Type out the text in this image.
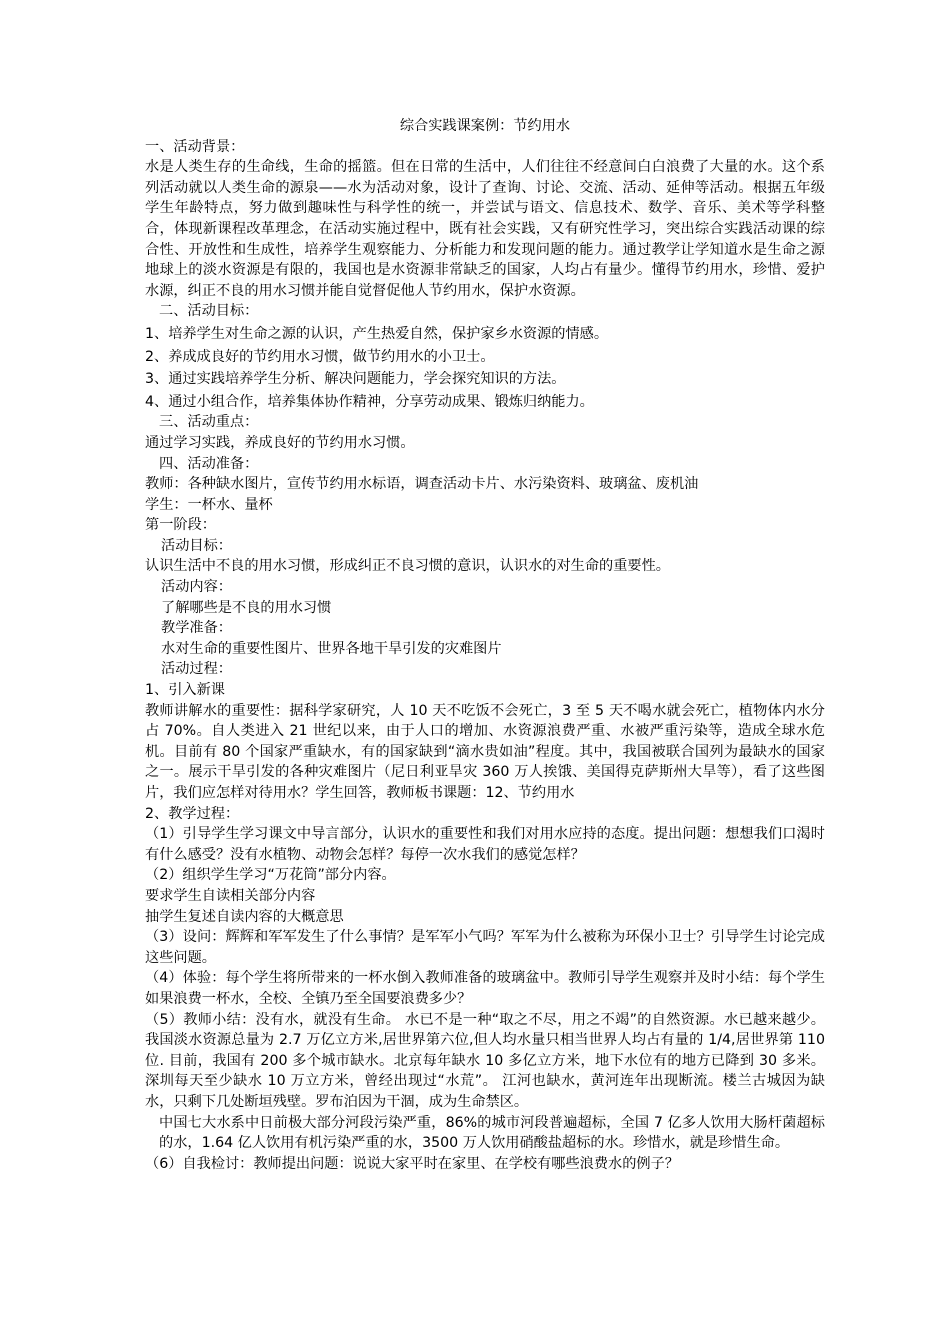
综合实践课案例：节约用水

一、活动背景：

水是人类生存的生命线，生命的摇篮。但在日常的生活中，人们往往不经意间白白浪费了大量的水。这个系列活动就以人类生命的源泉——水为活动对象，设计了查询、讨论、交流、活动、延伸等活动。根据五年级学生年龄特点，努力做到趣味性与科学性的统一，并尝试与语文、信息技术、数学、音乐、美术等学科整合，体现新课程改革理念，在活动实施过程中，既有社会实践，又有研究性学习，突出综合实践活动课的综合性、开放性和生成性，培养学生观察能力、分析能力和发现问题的能力。通过教学让学知道水是生命之源地球上的淡水资源是有限的，我国也是水资源非常缺乏的国家，人均占有量少。懂得节约用水，珍惜、爱护水源，纠正不良的用水习惯并能自觉督促他人节约用水，保护水资源。

二、活动目标：

1、培养学生对生命之源的认识，产生热爱自然，保护家乡水资源的情感。

2、养成成良好的节约用水习惯，做节约用水的小卫士。

3、通过实践培养学生分析、解决问题能力，学会探究知识的方法。

4、通过小组合作，培养集体协作精神，分享劳动成果、锻炼归纳能力。

三、活动重点：

通过学习实践，养成良好的节约用水习惯。

四、活动准备：

教师：各种缺水图片，宣传节约用水标语，调查活动卡片、水污染资料、玻璃盆、废机油

学生：一杯水、量杯

第一阶段：

活动目标：

认识生活中不良的用水习惯，形成纠正不良习惯的意识，认识水的对生命的重要性。

活动内容：

了解哪些是不良的用水习惯

教学准备：

水对生命的重要性图片、世界各地干旱引发的灾难图片

活动过程：

1、引入新课

教师讲解水的重要性：据科学家研究，人 10 天不吃饭不会死亡，3 至 5 天不喝水就会死亡，植物体内水分占 70%。自人类进入 21 世纪以来，由于人口的增加、水资源浪费严重、水被严重污染等，造成全球水危机。目前有 80 个国家严重缺水，有的国家缺到“滴水贵如油”程度。其中，我国被联合国列为最缺水的国家之一。展示干旱引发的各种灾难图片（尼日利亚旱灾 360 万人挨饿、美国得克萨斯州大旱等），看了这些图片，我们应怎样对待用水？学生回答，教师板书课题：12、节约用水

2、教学过程：

（1）引导学生学习课文中导言部分，认识水的重要性和我们对用水应持的态度。提出问题：想想我们口渴时有什么感受？没有水植物、动物会怎样？每停一次水我们的感觉怎样？

（2）组织学生学习“万花筒”部分内容。

要求学生自读相关部分内容

抽学生复述自读内容的大概意思

（3）设问：辉辉和军军发生了什么事情？是军军小气吗？军军为什么被称为环保小卫士？引导学生讨论完成这些问题。

（4）体验：每个学生将所带来的一杯水倒入教师准备的玻璃盆中。教师引导学生观察并及时小结：每个学生如果浪费一杯水，全校、全镇乃至全国要浪费多少？

（5）教师小结：没有水，就没有生命。 水已不是一种“取之不尽，用之不竭”的自然资源。水已越来越少。我国淡水资源总量为 2.7 万亿立方米,居世界第六位,但人均水量只相当世界人均占有量的 1/4,居世界第 110 位. 目前，我国有 200 多个城市缺水。北京每年缺水 10 多亿立方米，地下水位有的地方已降到 30 多米。深圳每天至少缺水 10 万立方米，曾经出现过“水荒”。 江河也缺水，黄河连年出现断流。楼兰古城因为缺水，只剩下几处断垣残壁。罗布泊因为干涸，成为生命禁区。

中国七大水系中日前极大部分河段污染严重，86%的城市河段普遍超标，全国 7 亿多人饮用大肠杆菌超标的水，1.64 亿人饮用有机污染严重的水，3500 万人饮用硝酸盐超标的水。珍惜水，就是珍惜生命。

（6）自我检讨：教师提出问题：说说大家平时在家里、在学校有哪些浪费水的例子？
